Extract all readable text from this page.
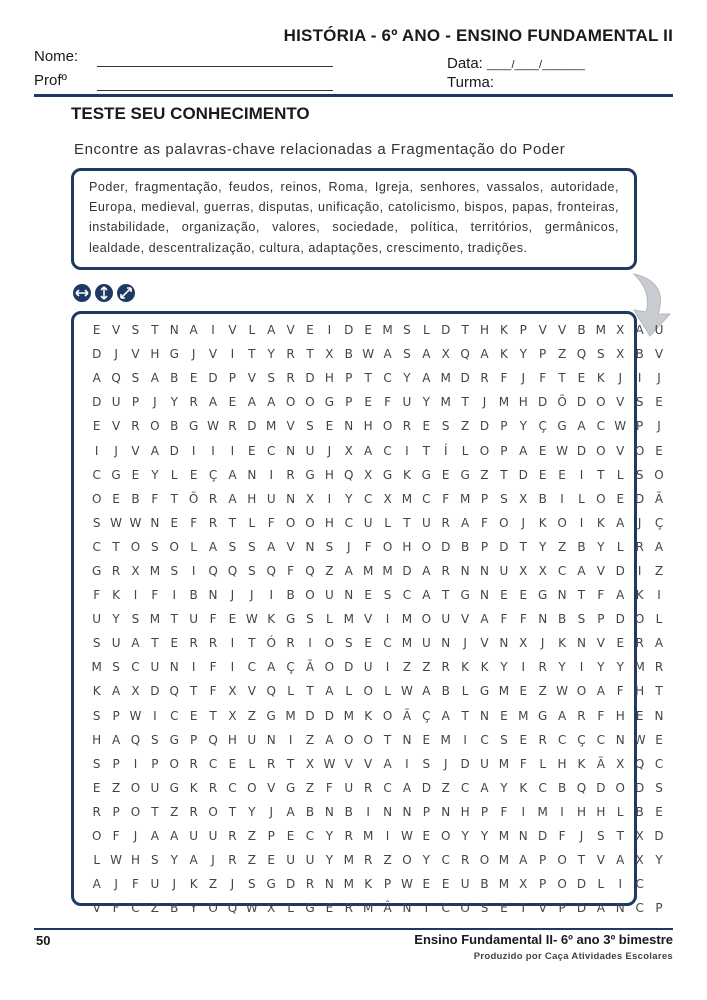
HISTÓRIA - 6º ANO - ENSINO FUNDAMENTAL II
Nome:
Profº
Data: ____/____/_______
Turma:
TESTE SEU CONHECIMENTO
Encontre as palavras-chave relacionadas a Fragmentação do Poder
Poder, fragmentação, feudos, reinos, Roma, Igreja, senhores, vassalos, autoridade, Europa, medieval, guerras, disputas, unificação, catolicismo, bispos, papas, fronteiras, instabilidade, organização, valores, sociedade, política, territórios, germânicos, lealdade, descentralização, cultura, adaptações, crescimento, tradições.
E V S T N A	I	V L A V E	I	D E M S	L D T H K P V V B M X A U
D	J	V H G	J	V	I	T	Y R T X B W A S A X Q A K Y	P Z Q S X B V
A Q S A B E D P V S R D H P	T C Y A M D R F	J	F	T E K	J	I	J
D U P	J	Y R A E A A O O G P E	F U Y M T	J	M H D Õ D O V S E
E V R O B G W R D M V S E N H O R E S Z D P	Y Ç G A C W P	J
I	J	V A D	I	I	I	E C N U	J	X A C	I	T	Í	L O P A E W D O V O E
C G E Y	L	E Ç A N	I	R G H Q X G K G E G Z T D E E	I	T	L	S O
O E B F	T Õ R A H U N X	I	Y C X M C F M P S X B	I	L O E D Ã
S W W N E	F R T	L	F O O H C U L	T U R A F O	J	K O	I	K A	J	Ç
C T O S O L A S S A V N S	J	F O H O D B P D T	Y Z B Y	L R A
G R X M S	I	Q Q S Q F Q Z A M M D A R N N U X X C A V D	I	Z
F	K	I	F	I	B N	J	J	I	B O U N E S C A T G N E E G N T	F A K	I
U Y S M T U F	E W K G S	L M V	I	M O U V A F	F N B S P D O L
S U A T E R R	I	T Ó R	I	O S E C M U N	J	V N X	J	K N V E R A
M S C U N	I	F	I	C A Ç Ã O D U	I	Z Z R K K Y	I	R Y	I	Y	Y M R
K A X D Q T	F X V Q L	T A L O L W A B L G M E Z W O A F H T
S P W I	C E T X Z G M D D M K O Ã Ç A T N E M G A R F H E N
H A Q S G P Q H U N	I	Z A O O T N E M	I	C S E R C Ç C N W E
S P	I	P O R C E	L R T X W V V A	I	S	J	D U M F	L H K Ã X Q C
E Z O U G K R C O V G Z F U R C A D Z C A Y K C B Q D O D S
R P O T Z R O T	Y	J	A B N B	I	N N P N H P	F	I	M	I	H H L B E
O F	J	A A U U R Z P E C Y R M	I W E O Y	Y M N D F	J	S T X D
L W H S Y A	J	R Z E U U Y M R Z O Y C R O M A P O T V A X Y
A	J	F U	J	K Z	J	S G D R N M K P W E E U B M X P O D L	I	C
V F C Z B Y O Q W X L G E R M Â N	I	C O S E T V P D A N C P
50	Ensino Fundamental II- 6º ano 3º bimestre
Produzido por Caça Atividades Escolares
